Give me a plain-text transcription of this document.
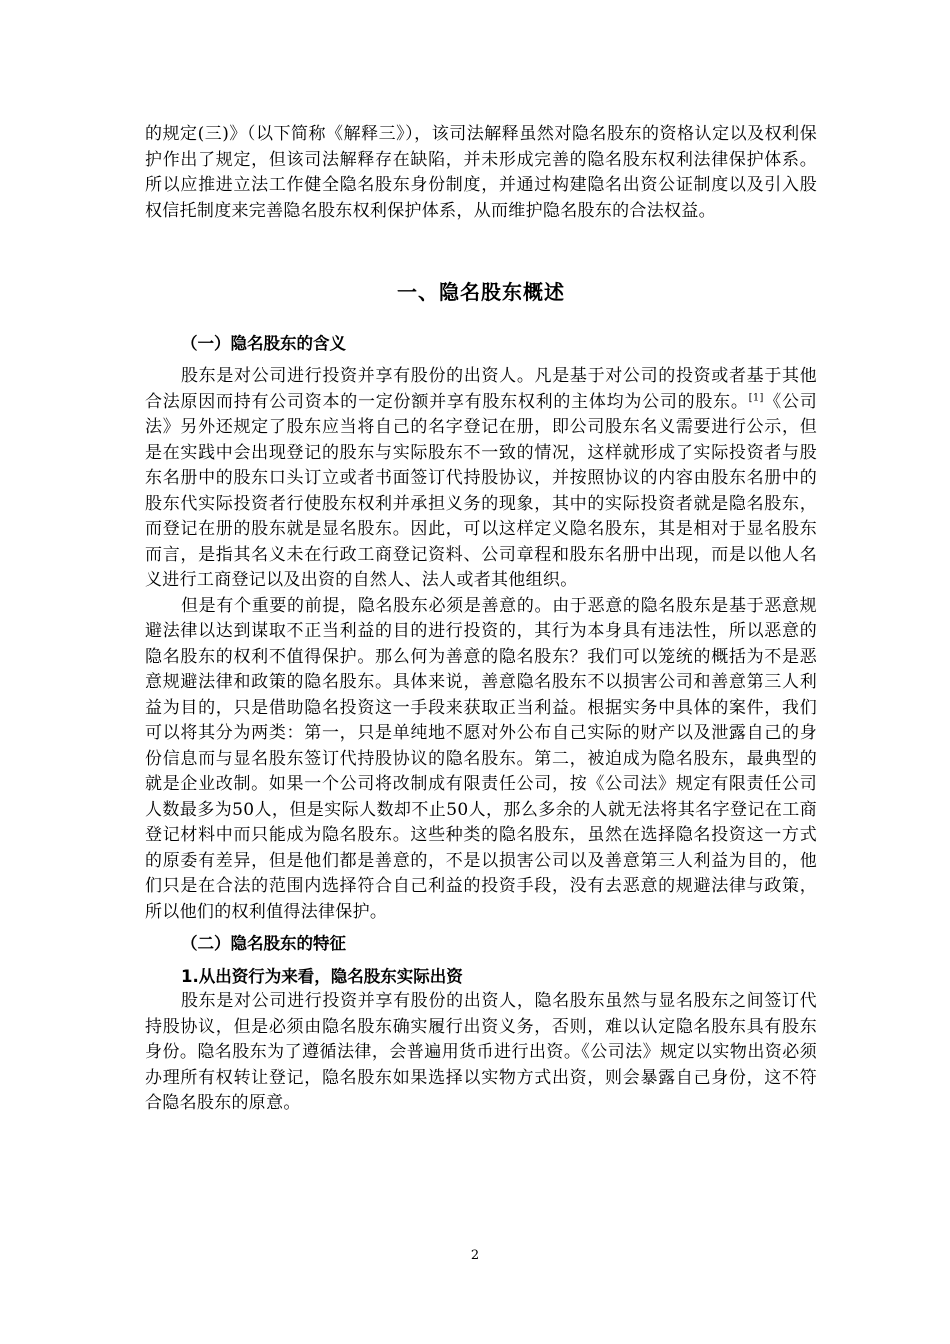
的规定(三)》（以下简称《解释三》），该司法解释虽然对隐名股东的资格认定以及权利保护作出了规定，但该司法解释存在缺陷，并未形成完善的隐名股东权利法律保护体系。所以应推进立法工作健全隐名股东身份制度，并通过构建隐名出资公证制度以及引入股权信托制度来完善隐名股东权利保护体系，从而维护隐名股东的合法权益。

一、隐名股东概述
（一）隐名股东的含义

股东是对公司进行投资并享有股份的出资人。凡是基于对公司的投资或者基于其他合法原因而持有公司资本的一定份额并享有股东权利的主体均为公司的股东。[1]《公司法》另外还规定了股东应当将自己的名字登记在册，即公司股东名义需要进行公示，但是在实践中会出现登记的股东与实际股东不一致的情况，这样就形成了实际投资者与股东名册中的股东口头订立或者书面签订代持股协议，并按照协议的内容由股东名册中的股东代实际投资者行使股东权利并承担义务的现象，其中的实际投资者就是隐名股东，而登记在册的股东就是显名股东。因此，可以这样定义隐名股东，其是相对于显名股东而言，是指其名义未在行政工商登记资料、公司章程和股东名册中出现，而是以他人名义进行工商登记以及出资的自然人、法人或者其他组织。

但是有个重要的前提，隐名股东必须是善意的。由于恶意的隐名股东是基于恶意规避法律以达到谋取不正当利益的目的进行投资的，其行为本身具有违法性，所以恶意的隐名股东的权利不值得保护。那么何为善意的隐名股东？我们可以笼统的概括为不是恶意规避法律和政策的隐名股东。具体来说，善意隐名股东不以损害公司和善意第三人利益为目的，只是借助隐名投资这一手段来获取正当利益。根据实务中具体的案件，我们可以将其分为两类：第一，只是单纯地不愿对外公布自己实际的财产以及泄露自己的身份信息而与显名股东签订代持股协议的隐名股东。第二，被迫成为隐名股东，最典型的就是企业改制。如果一个公司将改制成有限责任公司，按《公司法》规定有限责任公司人数最多为50人，但是实际人数却不止50人，那么多余的人就无法将其名字登记在工商登记材料中而只能成为隐名股东。这些种类的隐名股东，虽然在选择隐名投资这一方式的原委有差异，但是他们都是善意的，不是以损害公司以及善意第三人利益为目的，他们只是在合法的范围内选择符合自己利益的投资手段，没有去恶意的规避法律与政策，所以他们的权利值得法律保护。

（二）隐名股东的特征
1.从出资行为来看，隐名股东实际出资

股东是对公司进行投资并享有股份的出资人，隐名股东虽然与显名股东之间签订代持股协议，但是必须由隐名股东确实履行出资义务，否则，难以认定隐名股东具有股东身份。隐名股东为了遵循法律，会普遍用货币进行出资。《公司法》规定以实物出资必须办理所有权转让登记，隐名股东如果选择以实物方式出资，则会暴露自己身份，这不符合隐名股东的原意。

2
